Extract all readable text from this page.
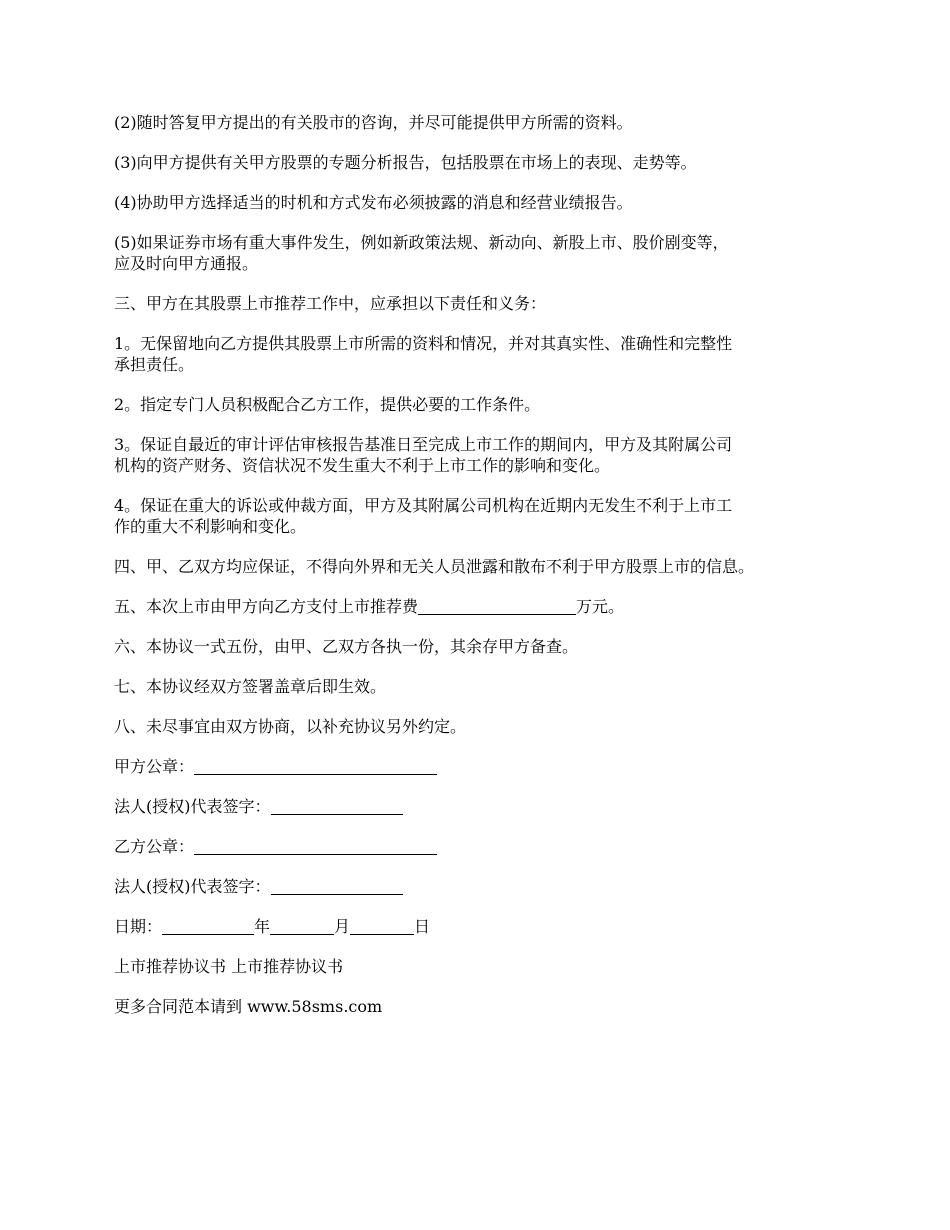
(2)随时答复甲方提出的有关股市的咨询，并尽可能提供甲方所需的资料。
(3)向甲方提供有关甲方股票的专题分析报告，包括股票在市场上的表现、走势等。
(4)协助甲方选择适当的时机和方式发布必须披露的消息和经营业绩报告。
(5)如果证券市场有重大事件发生，例如新政策法规、新动向、新股上市、股价剧变等，
应及时向甲方通报。
三、甲方在其股票上市推荐工作中，应承担以下责任和义务：
1。无保留地向乙方提供其股票上市所需的资料和情况，并对其真实性、准确性和完整性
承担责任。
2。指定专门人员积极配合乙方工作，提供必要的工作条件。
3。保证自最近的审计评估审核报告基准日至完成上市工作的期间内，甲方及其附属公司
机构的资产财务、资信状况不发生重大不利于上市工作的影响和变化。
4。保证在重大的诉讼或仲裁方面，甲方及其附属公司机构在近期内无发生不利于上市工
作的重大不利影响和变化。
四、甲、乙双方均应保证，不得向外界和无关人员泄露和散布不利于甲方股票上市的信息。
五、本次上市由甲方向乙方支付上市推荐费	万元。
六、本协议一式五份，由甲、乙双方各执一份，其余存甲方备查。
七、本协议经双方签署盖章后即生效。
八、未尽事宜由双方协商，以补充协议另外约定。
甲方公章：
法人(授权)代表签字：
乙方公章：
法人(授权)代表签字：
日期：	年	月	日
上市推荐协议书 上市推荐协议书
更多合同范本请到 www.58sms.com
